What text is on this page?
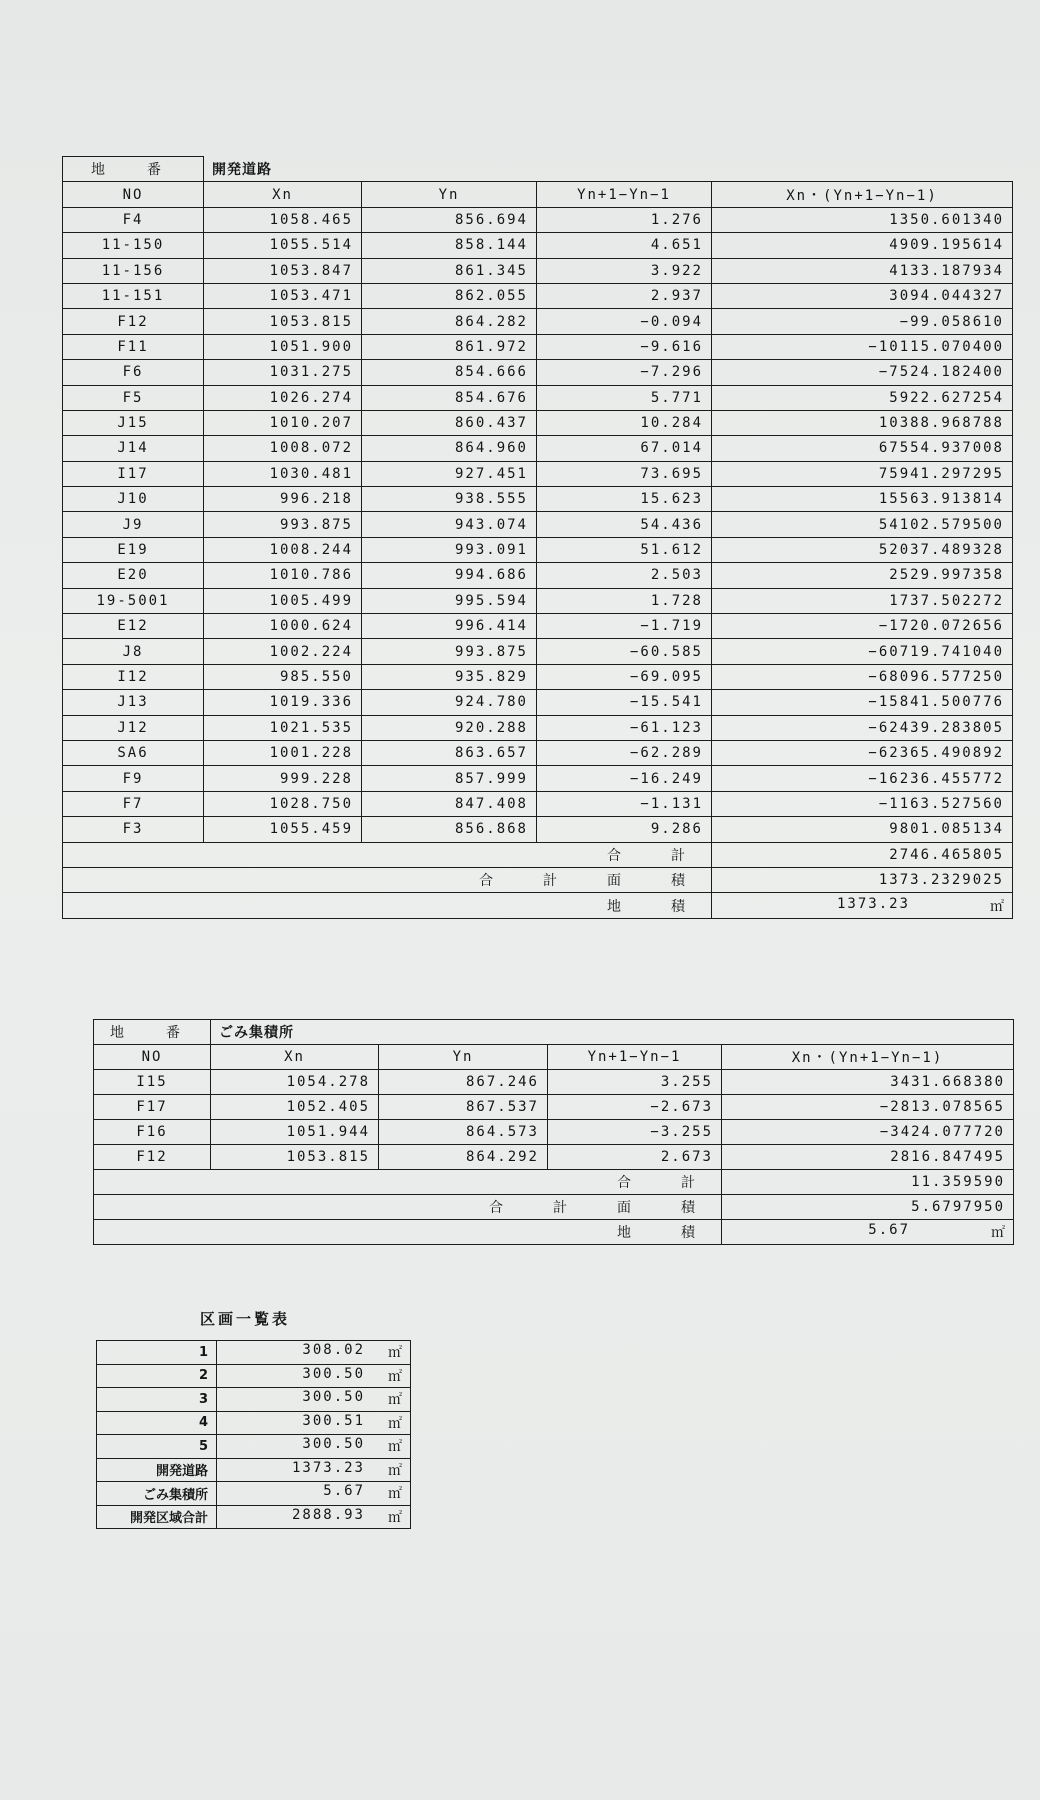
地　番	開発道路			
NO	Xn	Yn	Yn+1−Yn−1	Xn・(Yn+1−Yn−1)
F4	1058.465	856.694	1.276	1350.601340
11-150	1055.514	858.144	4.651	4909.195614
11-156	1053.847	861.345	3.922	4133.187934
11-151	1053.471	862.055	2.937	3094.044327
F12	1053.815	864.282	−0.094	−99.058610
F11	1051.900	861.972	−9.616	−10115.070400
F6	1031.275	854.666	−7.296	−7524.182400
F5	1026.274	854.676	5.771	5922.627254
J15	1010.207	860.437	10.284	10388.968788
J14	1008.072	864.960	67.014	67554.937008
I17	1030.481	927.451	73.695	75941.297295
J10	996.218	938.555	15.623	15563.913814
J9	993.875	943.074	54.436	54102.579500
E19	1008.244	993.091	51.612	52037.489328
E20	1010.786	994.686	2.503	2529.997358
19-5001	1005.499	995.594	1.728	1737.502272
E12	1000.624	996.414	−1.719	−1720.072656
J8	1002.224	993.875	−60.585	−60719.741040
I12	985.550	935.829	−69.095	−68096.577250
J13	1019.336	924.780	−15.541	−15841.500776
J12	1021.535	920.288	−61.123	−62439.283805
SA6	1001.228	863.657	−62.289	−62365.490892
F9	999.228	857.999	−16.249	−16236.455772
F7	1028.750	847.408	−1.131	−1163.527560
F3	1055.459	856.868	9.286	9801.085134
合　計				2746.465805
合　計　面　積				1373.2329025
地　積				1373.23 ㎡
地　番	ごみ集積所			
NO	Xn	Yn	Yn+1−Yn−1	Xn・(Yn+1−Yn−1)
I15	1054.278	867.246	3.255	3431.668380
F17	1052.405	867.537	−2.673	−2813.078565
F16	1051.944	864.573	−3.255	−3424.077720
F12	1053.815	864.292	2.673	2816.847495
合　計				11.359590
合　計　面　積				5.6797950
地　積				5.67 ㎡
区画一覧表
1	308.02 ㎡

2	300.50 ㎡

3	300.50 ㎡

4	300.51 ㎡

5	300.50 ㎡

開発道路	1373.23 ㎡

ごみ集積所	5.67 ㎡

開発区域合計	2888.93 ㎡
